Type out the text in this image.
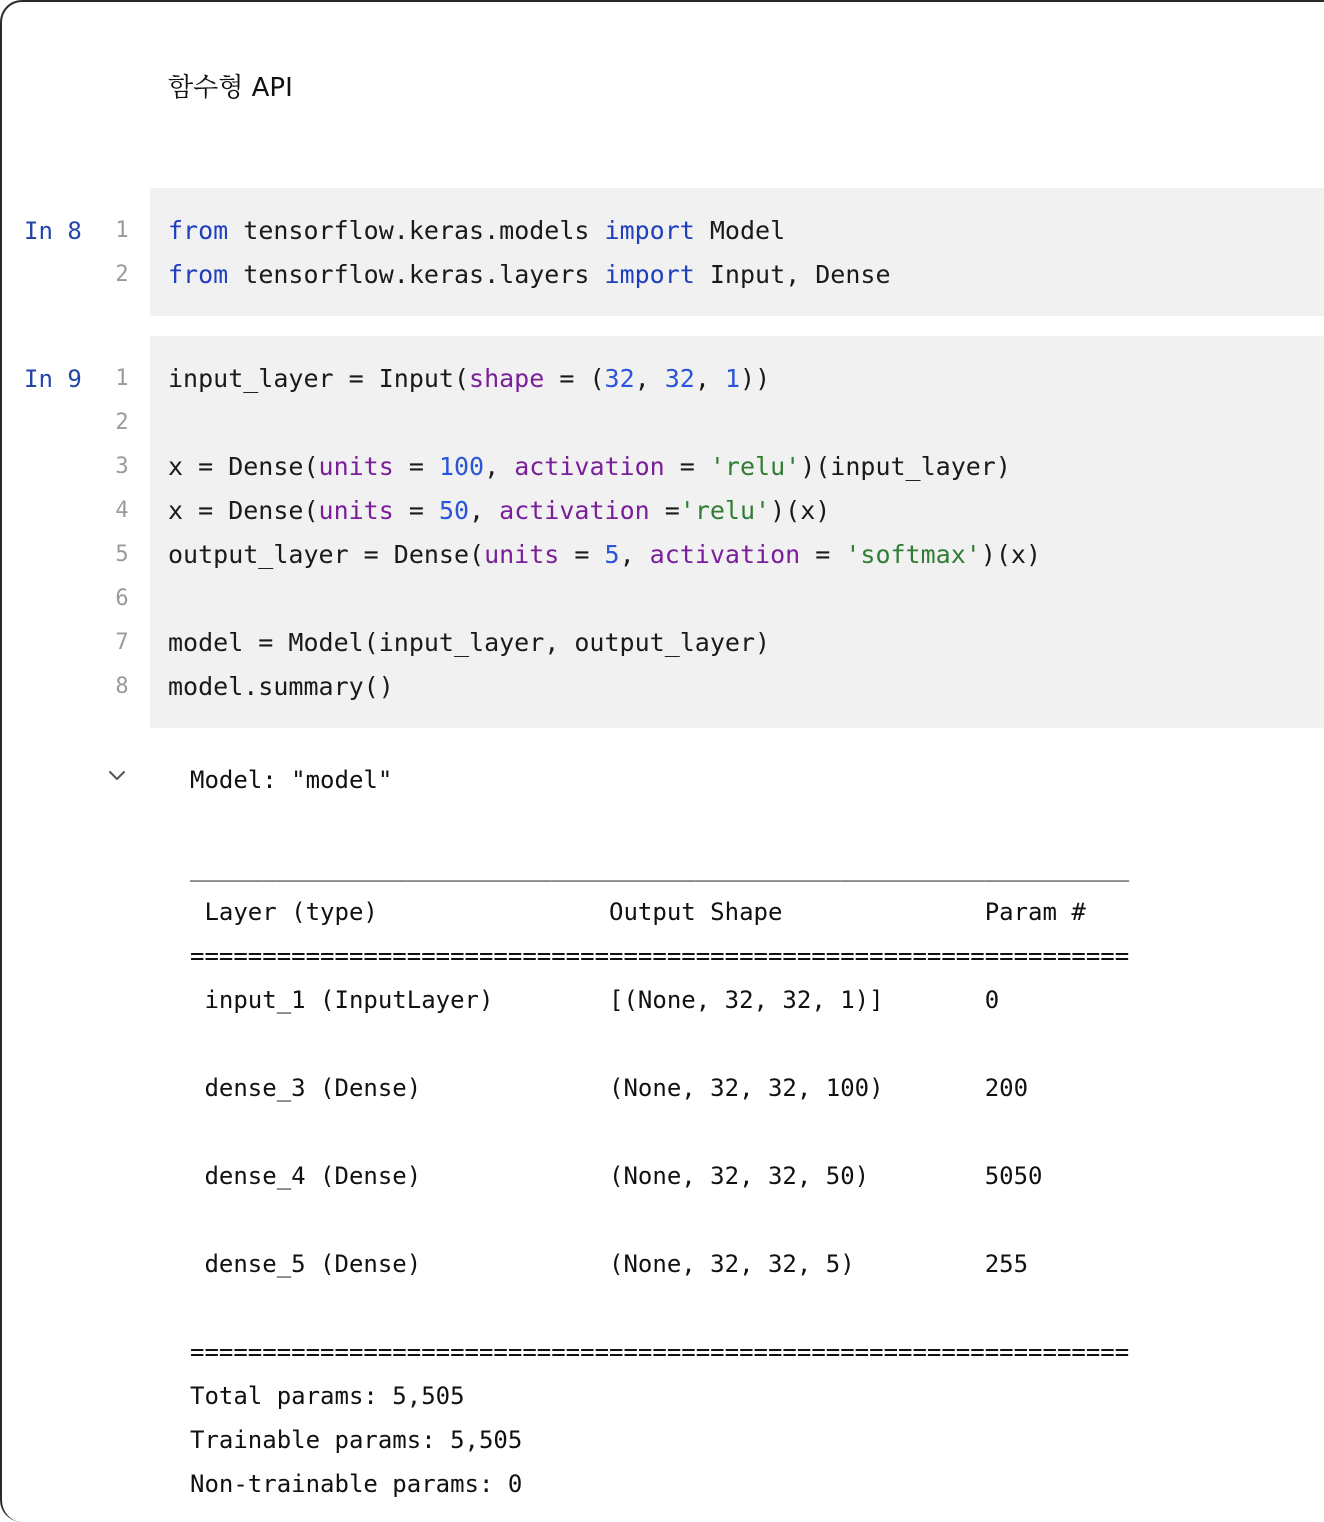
함수형 API
In 8	1
2
from tensorflow.keras.models import Model
from tensorflow.keras.layers import Input, Dense
In 9	1
2
3
4
5
6
7
8
input_layer = Input(shape = (32, 32, 1))
x = Dense(units = 100, activation = 'relu')(input_layer)
x = Dense(units = 50, activation ='relu')(x)
output_layer = Dense(units = 5, activation = 'softmax')(x)
model = Model(input_layer, output_layer)
model.summary()
Model: "model"
_________________________________________________________________
Layer (type)                Output Shape              Param #
=================================================================
input_1 (InputLayer)        [(None, 32, 32, 1)]       0
dense_3 (Dense)             (None, 32, 32, 100)       200
dense_4 (Dense)             (None, 32, 32, 50)        5050
dense_5 (Dense)             (None, 32, 32, 5)         255
=================================================================
Total params: 5,505
Trainable params: 5,505
Non-trainable params: 0
